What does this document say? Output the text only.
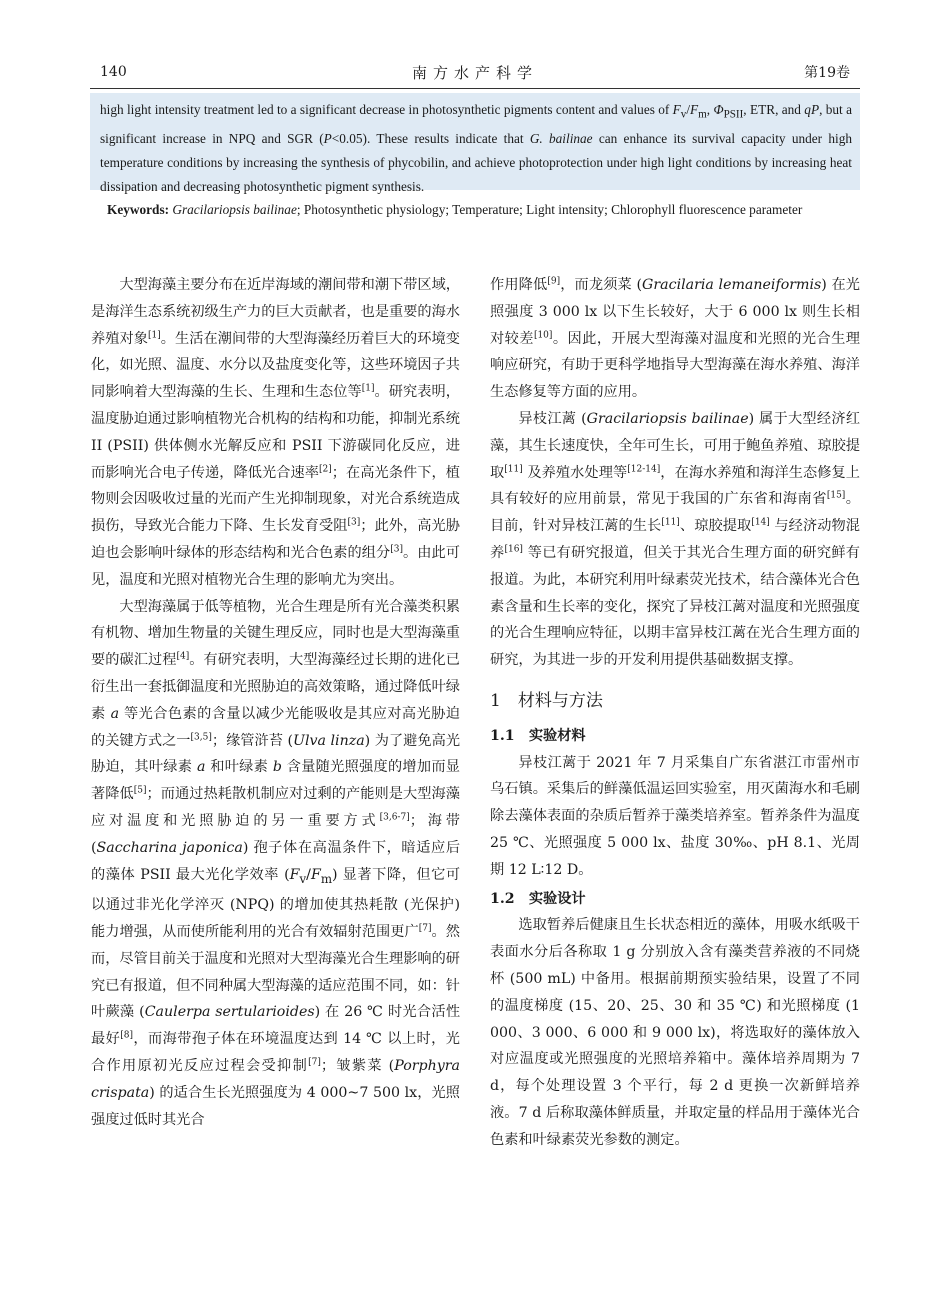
140	南方水产科学	第19卷
high light intensity treatment led to a significant decrease in photosynthetic pigments content and values of $F_v/F_m$, $\Phi_{PSII}$, ETR, and qP, but a significant increase in NPQ and SGR (P<0.05). These results indicate that G. bailinae can enhance its survival capacity under high temperature conditions by increasing the synthesis of phycobilin, and achieve photoprotection under high light conditions by increasing heat dissipation and decreasing photosynthetic pigment synthesis.
Keywords: Gracilariopsis bailinae; Photosynthetic physiology; Temperature; Light intensity; Chlorophyll fluorescence parameter

大型海藻主要分布在近岸海域的潮间带和潮下带区域，是海洋生态系统初级生产力的巨大贡献者，也是重要的海水养殖对象[1]。生活在潮间带的大型海藻经历着巨大的环境变化，如光照、温度、水分以及盐度变化等，这些环境因子共同影响着大型海藻的生长、生理和生态位等[1]。研究表明，温度胁迫通过影响植物光合机构的结构和功能，抑制光系统 II (PSII) 供体侧水光解反应和 PSII 下游碳同化反应，进而影响光合电子传递，降低光合速率[2]；在高光条件下，植物则会因吸收过量的光而产生光抑制现象，对光合系统造成损伤，导致光合能力下降、生长发育受阻[3]；此外，高光胁迫也会影响叶绿体的形态结构和光合色素的组分[3]。由此可见，温度和光照对植物光合生理的影响尤为突出。

大型海藻属于低等植物，光合生理是所有光合藻类积累有机物、增加生物量的关键生理反应，同时也是大型海藻重要的碳汇过程[4]。有研究表明，大型海藻经过长期的进化已衍生出一套抵御温度和光照胁迫的高效策略，通过降低叶绿素 a 等光合色素的含量以减少光能吸收是其应对高光胁迫的关键方式之一[3,5]；缘管浒苔 (Ulva linza) 为了避免高光胁迫，其叶绿素 a 和叶绿素 b 含量随光照强度的增加而显著降低[5]；而通过热耗散机制应对过剩的产能则是大型海藻应对温度和光照胁迫的另一重要方式[3,6-7]；海带 (Saccharina japonica) 孢子体在高温条件下，暗适应后的藻体 PSII 最大光化学效率 $(F_v/F_m)$ 显著下降，但它可以通过非光化学淬灭 (NPQ) 的增加使其热耗散 (光保护) 能力增强，从而使所能利用的光合有效辐射范围更广[7]。然而，尽管目前关于温度和光照对大型海藻光合生理影响的研究已有报道，但不同种属大型海藻的适应范围不同，如：针叶蕨藻 (Caulerpa sertularioides) 在 26 ℃ 时光合活性最好[8]，而海带孢子体在环境温度达到 14 ℃ 以上时，光合作用原初光反应过程会受抑制[7]；皱紫菜 (Porphyra crispata) 的适合生长光照强度为 4 000~7 500 lx，光照强度过低时其光合

作用降低[9]，而龙须菜 (Gracilaria lemaneiformis) 在光照强度 3 000 lx 以下生长较好，大于 6 000 lx 则生长相对较差[10]。因此，开展大型海藻对温度和光照的光合生理响应研究，有助于更科学地指导大型海藻在海水养殖、海洋生态修复等方面的应用。

异枝江蓠 (Gracilariopsis bailinae) 属于大型经济红藻，其生长速度快，全年可生长，可用于鲍鱼养殖、琼胶提取[11] 及养殖水处理等[12-14]，在海水养殖和海洋生态修复上具有较好的应用前景，常见于我国的广东省和海南省[15]。目前，针对异枝江蓠的生长[11]、琼胶提取[14] 与经济动物混养[16] 等已有研究报道，但关于其光合生理方面的研究鲜有报道。为此，本研究利用叶绿素荧光技术，结合藻体光合色素含量和生长率的变化，探究了异枝江蓠对温度和光照强度的光合生理响应特征，以期丰富异枝江蓠在光合生理方面的研究，为其进一步的开发利用提供基础数据支撑。

1　材料与方法
1.1　实验材料

异枝江蓠于 2021 年 7 月采集自广东省湛江市雷州市乌石镇。采集后的鲜藻低温运回实验室，用灭菌海水和毛刷除去藻体表面的杂质后暂养于藻类培养室。暂养条件为温度 25 ℃、光照强度 5 000 lx、盐度 30‰、pH 8.1、光周期 12 L∶12 D。

1.2　实验设计

选取暂养后健康且生长状态相近的藻体，用吸水纸吸干表面水分后各称取 1 g 分别放入含有藻类营养液的不同烧杯 (500 mL) 中备用。根据前期预实验结果，设置了不同的温度梯度 (15、20、25、30 和 35 ℃) 和光照梯度 (1 000、3 000、6 000 和 9 000 lx)，将选取好的藻体放入对应温度或光照强度的光照培养箱中。藻体培养周期为 7 d，每个处理设置 3 个平行，每 2 d 更换一次新鲜培养液。7 d 后称取藻体鲜质量，并取定量的样品用于藻体光合色素和叶绿素荧光参数的测定。
